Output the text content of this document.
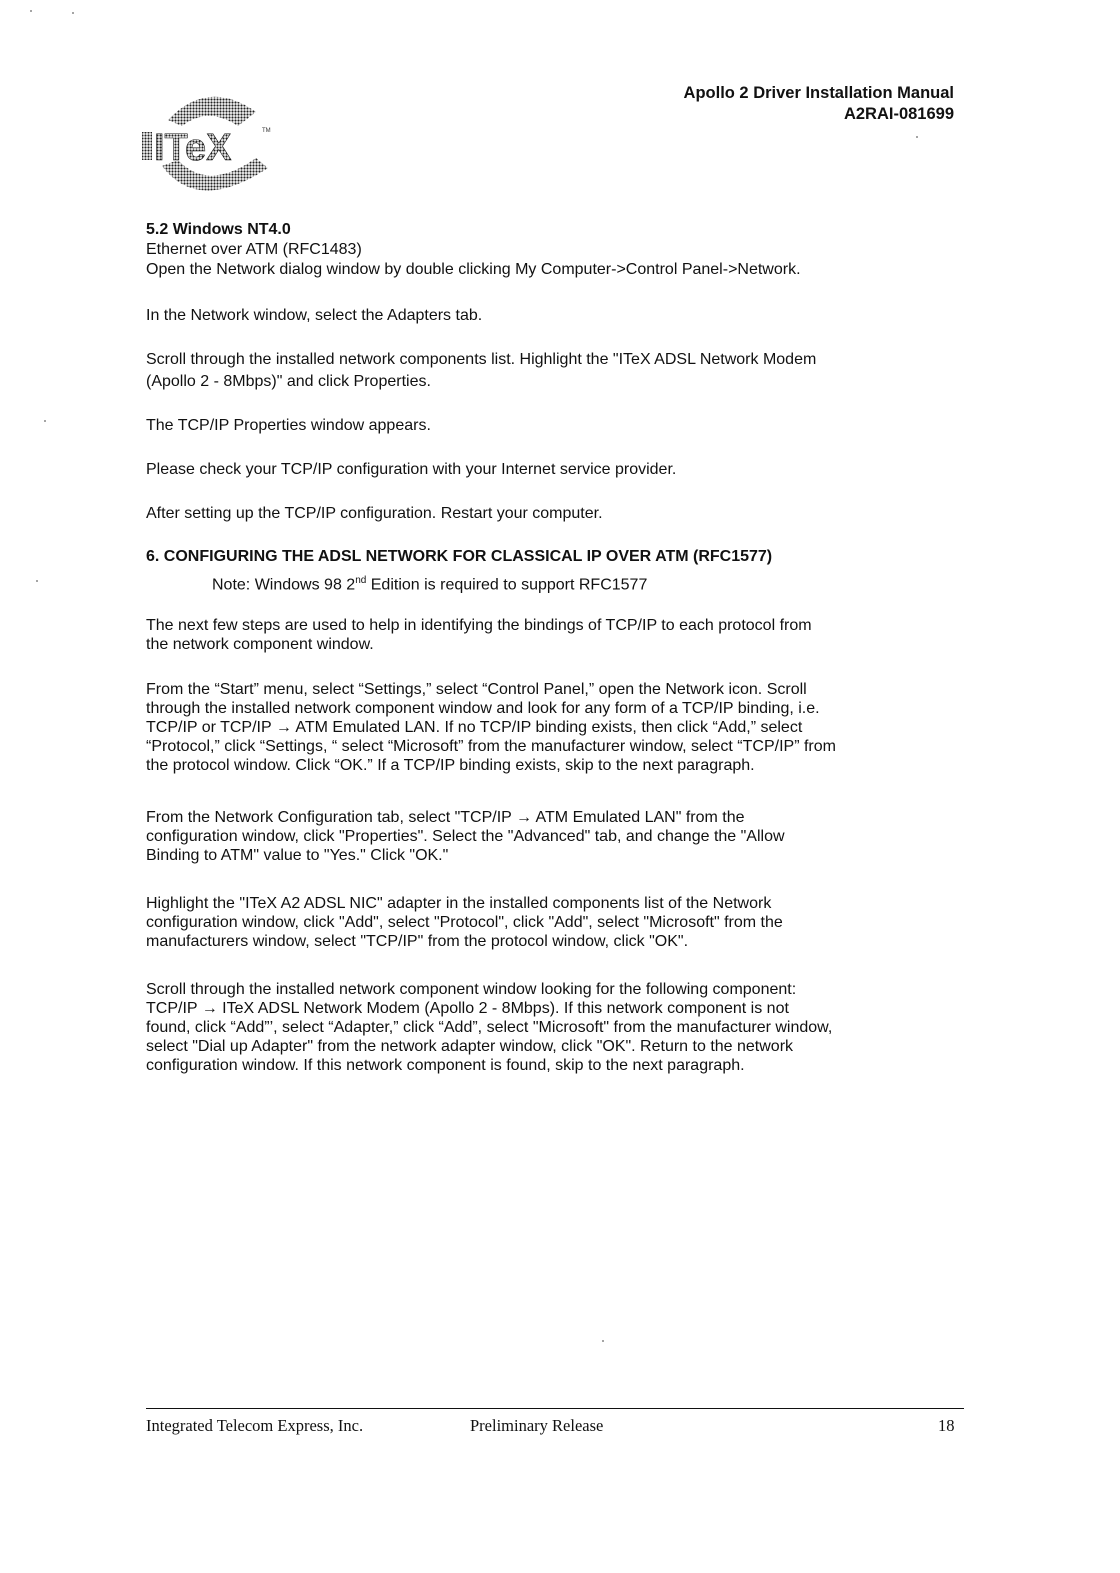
ITeX	TM
Apollo 2 Driver Installation Manual
A2RAI-081699
5.2 Windows NT4.0
Ethernet over ATM (RFC1483)
Open the Network dialog window by double clicking My Computer->Control Panel->Network.
In the Network window, select the Adapters tab.
Scroll through the installed network components list. Highlight the "ITeX ADSL Network Modem
(Apollo 2 - 8Mbps)" and click Properties.
The TCP/IP Properties window appears.
Please check your TCP/IP configuration with your Internet service provider.
After setting up the TCP/IP configuration. Restart your computer.
6. CONFIGURING THE ADSL NETWORK FOR CLASSICAL IP OVER ATM (RFC1577)
Note: Windows 98 2nd Edition is required to support RFC1577
The next few steps are used to help in identifying the bindings of TCP/IP to each protocol from
the network component window.
From the “Start” menu, select “Settings,” select “Control Panel,” open the Network icon. Scroll
through the installed network component window and look for any form of a TCP/IP binding, i.e.
TCP/IP or TCP/IP → ATM Emulated LAN. If no TCP/IP binding exists, then click “Add,” select
“Protocol,” click “Settings, “ select “Microsoft” from the manufacturer window, select “TCP/IP” from
the protocol window. Click “OK.” If a TCP/IP binding exists, skip to the next paragraph.
From the Network Configuration tab, select "TCP/IP → ATM Emulated LAN" from the
configuration window, click "Properties". Select the "Advanced" tab, and change the "Allow
Binding to ATM" value to "Yes." Click "OK."
Highlight the "ITeX A2 ADSL NIC" adapter in the installed components list of the Network
configuration window, click "Add", select "Protocol", click "Add", select "Microsoft" from the
manufacturers window, select "TCP/IP" from the protocol window, click "OK".
Scroll through the installed network component window looking for the following component:
TCP/IP → ITeX ADSL Network Modem (Apollo 2 - 8Mbps). If this network component is not
found, click “Add”’, select “Adapter,” click “Add”, select "Microsoft" from the manufacturer window,
select "Dial up Adapter" from the network adapter window, click "OK". Return to the network
configuration window. If this network component is found, skip to the next paragraph.
Integrated Telecom Express, Inc.	Preliminary Release	18
